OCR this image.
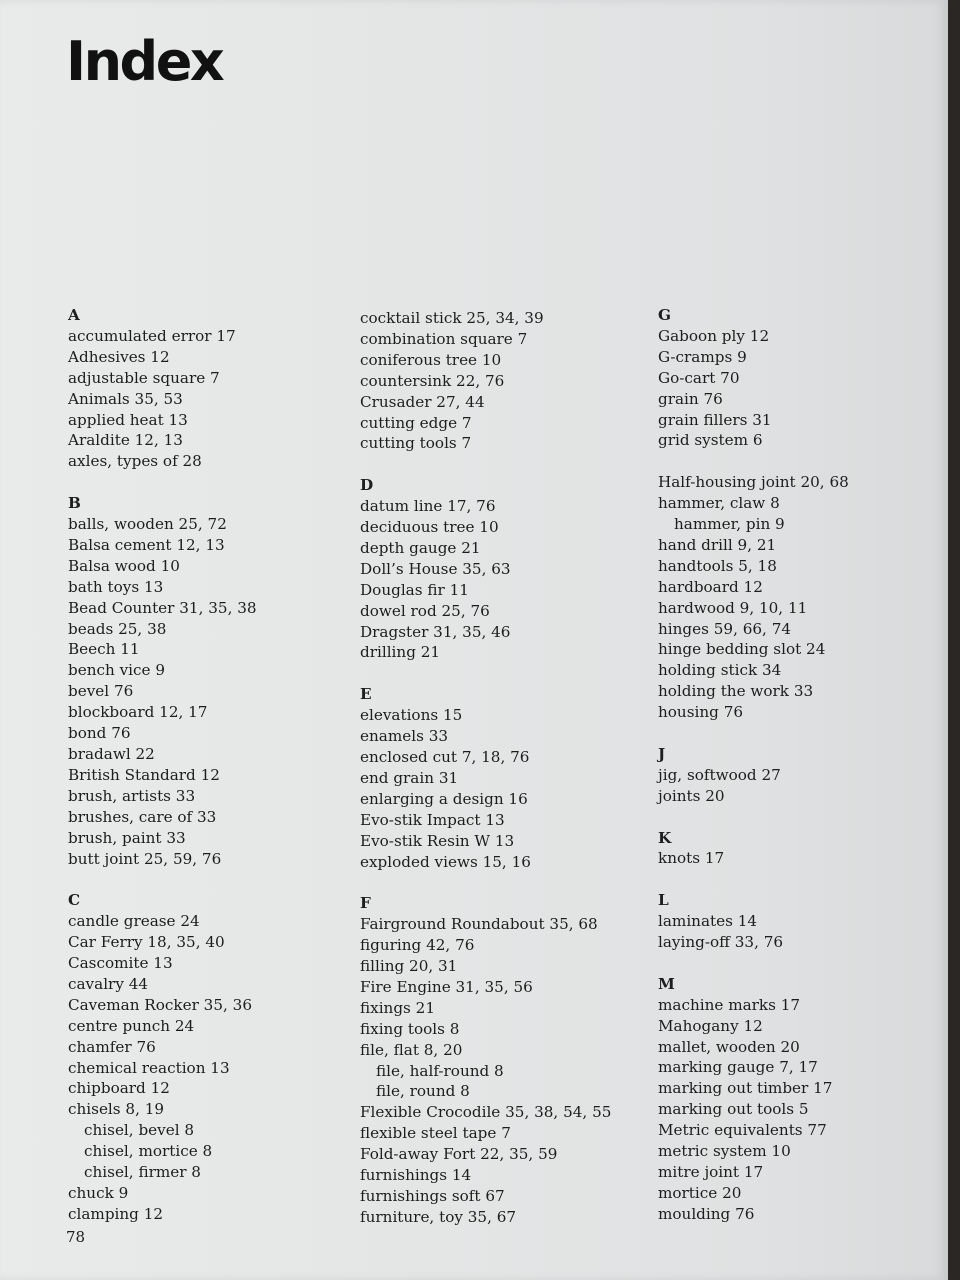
Index
A
accumulated error 17
Adhesives 12
adjustable square 7
Animals 35, 53
applied heat 13
Araldite 12, 13
axles, types of 28
B
balls, wooden 25, 72
Balsa cement 12, 13
Balsa wood 10
bath toys 13
Bead Counter 31, 35, 38
beads 25, 38
Beech 11
bench vice 9
bevel 76
blockboard 12, 17
bond 76
bradawl 22
British Standard 12
brush, artists 33
brushes, care of 33
brush, paint 33
butt joint 25, 59, 76
C
candle grease 24
Car Ferry 18, 35, 40
Cascomite 13
cavalry 44
Caveman Rocker 35, 36
centre punch 24
chamfer 76
chemical reaction 13
chipboard 12
chisels 8, 19
chisel, bevel 8
chisel, mortice 8
chisel, firmer 8
chuck 9
clamping 12
cocktail stick 25, 34, 39
combination square 7
coniferous tree 10
countersink 22, 76
Crusader 27, 44
cutting edge 7
cutting tools 7
D
datum line 17, 76
deciduous tree 10
depth gauge 21
Doll’s House 35, 63
Douglas fir 11
dowel rod 25, 76
Dragster 31, 35, 46
drilling 21
E
elevations 15
enamels 33
enclosed cut 7, 18, 76
end grain 31
enlarging a design 16
Evo-stik Impact 13
Evo-stik Resin W 13
exploded views 15, 16
F
Fairground Roundabout 35, 68
figuring 42, 76
filling 20, 31
Fire Engine 31, 35, 56
fixings 21
fixing tools 8
file, flat 8, 20
file, half-round 8
file, round 8
Flexible Crocodile 35, 38, 54, 55
flexible steel tape 7
Fold-away Fort 22, 35, 59
furnishings 14
furnishings soft 67
furniture, toy 35, 67
G
Gaboon ply 12
G-cramps 9
Go-cart 70
grain 76
grain fillers 31
grid system 6
Half-housing joint 20, 68
hammer, claw 8
hammer, pin 9
hand drill 9, 21
handtools 5, 18
hardboard 12
hardwood 9, 10, 11
hinges 59, 66, 74
hinge bedding slot 24
holding stick 34
holding the work 33
housing 76
J
jig, softwood 27
joints 20
K
knots 17
L
laminates 14
laying-off 33, 76
M
machine marks 17
Mahogany 12
mallet, wooden 20
marking gauge 7, 17
marking out timber 17
marking out tools 5
Metric equivalents 77
metric system 10
mitre joint 17
mortice 20
moulding 76
78
